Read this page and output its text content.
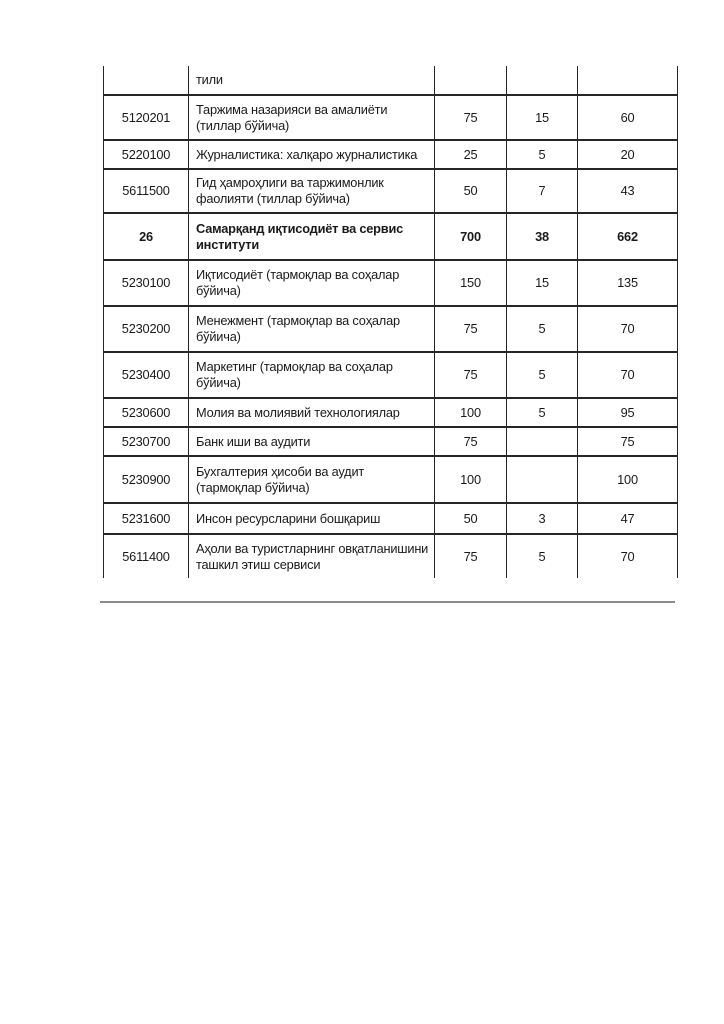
	тили			
5120201	Таржима назарияси ва амалиёти (тиллар бўйича)	75	15	60
5220100	Журналистика: халқаро журналистика	25	5	20
5611500	Гид ҳамроҳлиги ва таржимонлик фаолияти (тиллар бўйича)	50	7	43
26	Самарқанд иқтисодиёт ва сервис институти	700	38	662
5230100	Иқтисодиёт (тармоқлар ва соҳалар бўйича)	150	15	135
5230200	Менежмент (тармоқлар ва соҳалар бўйича)	75	5	70
5230400	Маркетинг (тармоқлар ва соҳалар бўйича)	75	5	70
5230600	Молия ва молиявий технологиялар	100	5	95
5230700	Банк иши ва аудити	75		75
5230900	Бухгалтерия ҳисоби ва аудит (тармоқлар бўйича)	100		100
5231600	Инсон ресурсларини бошқариш	50	3	47
5611400	Аҳоли ва туристларнинг овқатланишини ташкил этиш сервиси	75	5	70
